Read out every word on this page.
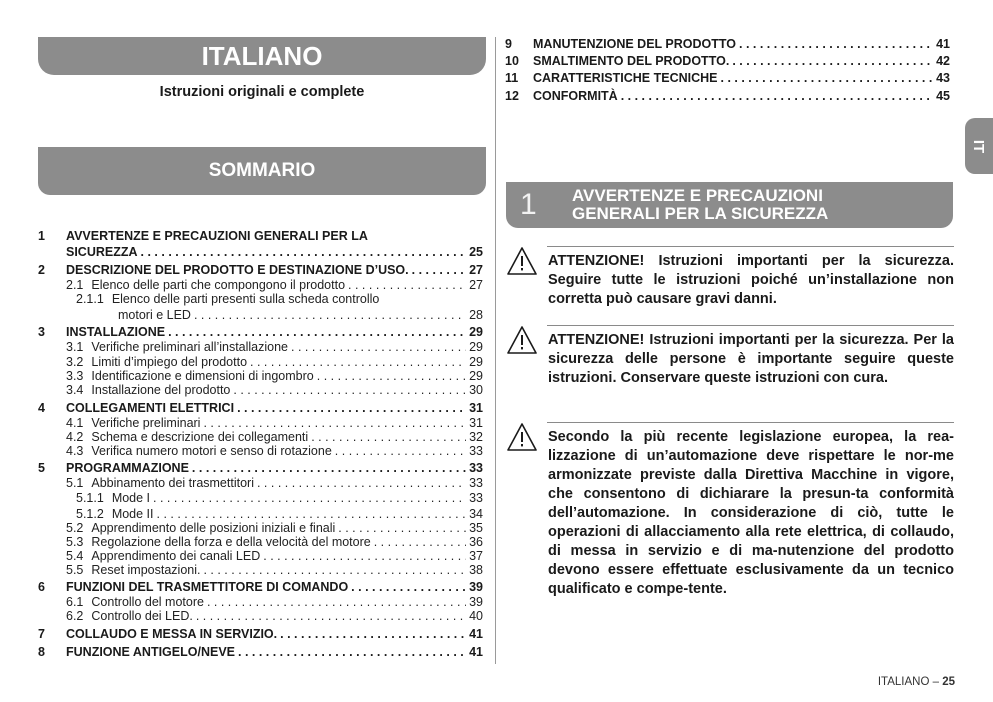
ITALIANO
Istruzioni originali e complete
SOMMARIO
1 AVVERTENZE E PRECAUZIONI GENERALI PER LA
SICUREZZA . . .	25
2 DESCRIZIONE DEL PRODOTTO E DESTINAZIONE D’USO. . . .	27
2.1 Elenco delle parti che compongono il prodotto . . .	27
2.1.1 Elenco delle parti presenti sulla scheda controllo
motori e LED . . .	28
3 INSTALLAZIONE . . .	29
3.1 Verifiche preliminari all’installazione . . .	29
3.2 Limiti d’impiego del prodotto . . .	29
3.3 Identificazione e dimensioni di ingombro . . .	29
3.4 Installazione del prodotto . . .	30
4 COLLEGAMENTI ELETTRICI . . .	31
4.1 Verifiche preliminari . . .	31
4.2 Schema e descrizione dei collegamenti . . .	32
4.3 Verifica numero motori e senso di rotazione . . .	33
5 PROGRAMMAZIONE . . .	33
5.1 Abbinamento dei trasmettitori . . .	33
5.1.1 Mode I . . .	33
5.1.2 Mode II . . .	34
5.2 Apprendimento delle posizioni iniziali e finali . . .	35
5.3 Regolazione della forza e della velocità del motore . . .	36
5.4 Apprendimento dei canali LED . . .	37
5.5 Reset impostazioni. . . .	38
6 FUNZIONI DEL TRASMETTITORE DI COMANDO . . .	39
6.1 Controllo del motore . . .	39
6.2 Controllo dei LED. . . .	40
7 COLLAUDO E MESSA IN SERVIZIO. . . .	41
8 FUNZIONE ANTIGELO/NEVE . . .	41
9 MANUTENZIONE DEL PRODOTTO . . .	41
10 SMALTIMENTO DEL PRODOTTO. . . .	42
11 CARATTERISTICHE TECNICHE . . .	43
12 CONFORMITÀ . . .	45
IT
1 AVVERTENZE E PRECAUZIONI
GENERALI PER LA SICUREZZA
ATTENZIONE! Istruzioni importanti per la sicurezza. Seguire tutte le istruzioni poiché un’installazione non corretta può causare gravi danni.
ATTENZIONE! Istruzioni importanti per la sicurezza. Per la sicurezza delle persone è importante seguire queste istruzioni. Conservare queste istruzioni con cura.
Secondo la più recente legislazione europea, la rea-lizzazione di un’automazione deve rispettare le nor-me armonizzate previste dalla Direttiva Macchine in vigore, che consentono di dichiarare la presun-ta conformità dell’automazione. In considerazione di ciò, tutte le operazioni di allacciamento alla rete elettrica, di collaudo, di messa in servizio e di ma-nutenzione del prodotto devono essere effettuate esclusivamente da un tecnico qualificato e compe-tente.
ITALIANO – 25
